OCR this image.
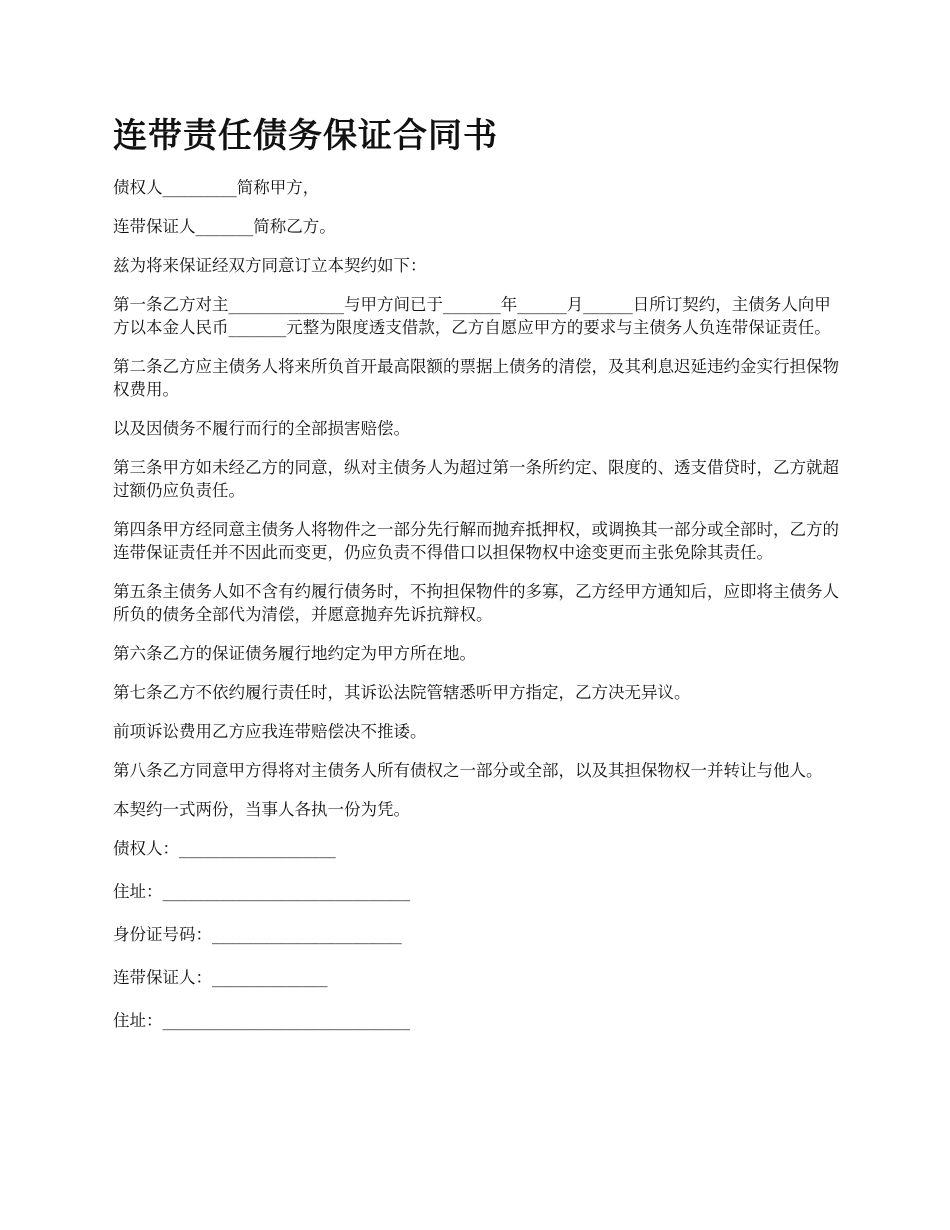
连带责任债务保证合同书

债权人_________简称甲方，

连带保证人_______简称乙方。

兹为将来保证经双方同意订立本契约如下：

第一条乙方对主______________与甲方间已于_______年______月______日所订契约，主债务人向甲方以本金人民币_______元整为限度透支借款，乙方自愿应甲方的要求与主债务人负连带保证责任。

第二条乙方应主债务人将来所负首开最高限额的票据上债务的清偿，及其利息迟延违约金实行担保物权费用。

以及因债务不履行而行的全部损害赔偿。

第三条甲方如未经乙方的同意，纵对主债务人为超过第一条所约定、限度的、透支借贷时，乙方就超过额仍应负责任。

第四条甲方经同意主债务人将物件之一部分先行解而抛弃抵押权，或调换其一部分或全部时，乙方的连带保证责任并不因此而变更，仍应负责不得借口以担保物权中途变更而主张免除其责任。

第五条主债务人如不含有约履行债务时，不拘担保物件的多寡，乙方经甲方通知后，应即将主债务人所负的债务全部代为清偿，并愿意抛弃先诉抗辩权。

第六条乙方的保证债务履行地约定为甲方所在地。

第七条乙方不依约履行责任时，其诉讼法院管辖悉听甲方指定，乙方决无异议。

前项诉讼费用乙方应我连带赔偿决不推诿。

第八条乙方同意甲方得将对主债务人所有债权之一部分或全部，以及其担保物权一并转让与他人。

本契约一式两份，当事人各执一份为凭。

债权人：___________________

住址：______________________________

身份证号码：_______________________

连带保证人：______________

住址：______________________________
